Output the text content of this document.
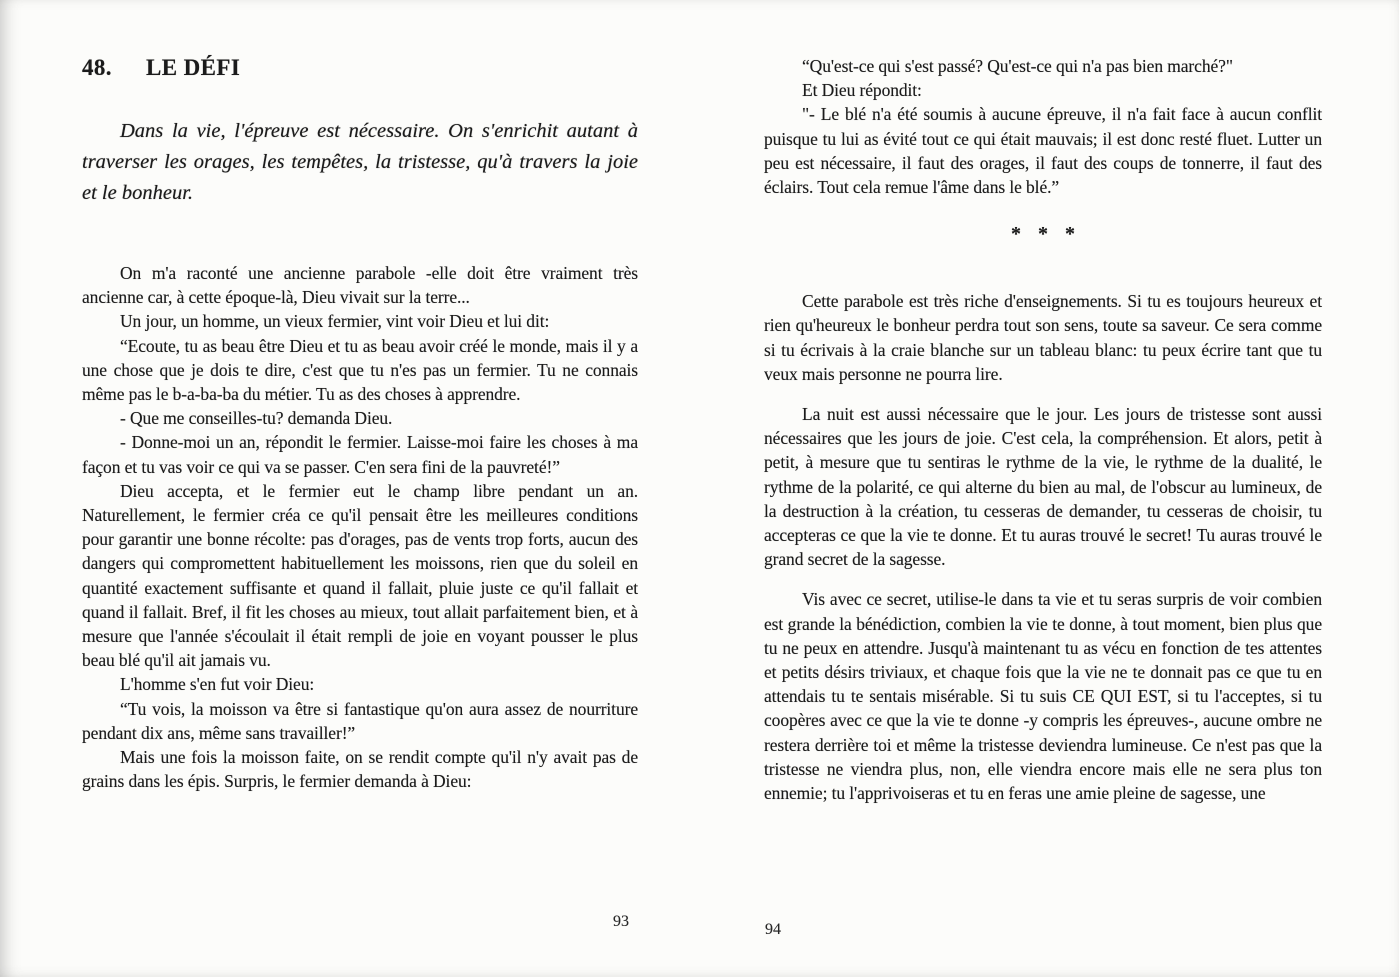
48. LE DÉFI

Dans la vie, l'épreuve est nécessaire. On s'enrichit autant à traverser les orages, les tempêtes, la tristesse, qu'à travers la joie et le bonheur.

On m'a raconté une ancienne parabole -elle doit être vraiment très ancienne car, à cette époque-là, Dieu vivait sur la terre...

Un jour, un homme, un vieux fermier, vint voir Dieu et lui dit:

“Ecoute, tu as beau être Dieu et tu as beau avoir créé le monde, mais il y a une chose que je dois te dire, c'est que tu n'es pas un fermier. Tu ne connais même pas le b-a-ba-ba du métier. Tu as des choses à apprendre.

- Que me conseilles-tu? demanda Dieu.

- Donne-moi un an, répondit le fermier. Laisse-moi faire les choses à ma façon et tu vas voir ce qui va se passer. C'en sera fini de la pauvreté!”

Dieu accepta, et le fermier eut le champ libre pendant un an. Naturellement, le fermier créa ce qu'il pensait être les meilleures conditions pour garantir une bonne récolte: pas d'orages, pas de vents trop forts, aucun des dangers qui compromettent habituellement les moissons, rien que du soleil en quantité exactement suffisante et quand il fallait, pluie juste ce qu'il fallait et quand il fallait. Bref, il fit les choses au mieux, tout allait parfaitement bien, et à mesure que l'année s'écoulait il était rempli de joie en voyant pousser le plus beau blé qu'il ait jamais vu.

L'homme s'en fut voir Dieu:

“Tu vois, la moisson va être si fantastique qu'on aura assez de nourriture pendant dix ans, même sans travailler!”

Mais une fois la moisson faite, on se rendit compte qu'il n'y avait pas de grains dans les épis. Surpris, le fermier demanda à Dieu:

“Qu'est-ce qui s'est passé? Qu'est-ce qui n'a pas bien marché?"

Et Dieu répondit:

"- Le blé n'a été soumis à aucune épreuve, il n'a fait face à aucun conflit puisque tu lui as évité tout ce qui était mauvais; il est donc resté fluet. Lutter un peu est nécessaire, il faut des orages, il faut des coups de tonnerre, il faut des éclairs. Tout cela remue l'âme dans le blé.”

* * *

Cette parabole est très riche d'enseignements. Si tu es toujours heureux et rien qu'heureux le bonheur perdra tout son sens, toute sa saveur. Ce sera comme si tu écrivais à la craie blanche sur un tableau blanc: tu peux écrire tant que tu veux mais personne ne pourra lire.

La nuit est aussi nécessaire que le jour. Les jours de tristesse sont aussi nécessaires que les jours de joie. C'est cela, la compréhension. Et alors, petit à petit, à mesure que tu sentiras le rythme de la vie, le rythme de la dualité, le rythme de la polarité, ce qui alterne du bien au mal, de l'obscur au lumineux, de la destruction à la création, tu cesseras de demander, tu cesseras de choisir, tu accepteras ce que la vie te donne. Et tu auras trouvé le secret! Tu auras trouvé le grand secret de la sagesse.

Vis avec ce secret, utilise-le dans ta vie et tu seras surpris de voir combien est grande la bénédiction, combien la vie te donne, à tout moment, bien plus que tu ne peux en attendre. Jusqu'à maintenant tu as vécu en fonction de tes attentes et petits désirs triviaux, et chaque fois que la vie ne te donnait pas ce que tu en attendais tu te sentais misérable. Si tu suis CE QUI EST, si tu l'acceptes, si tu coopères avec ce que la vie te donne -y compris les épreuves-, aucune ombre ne restera derrière toi et même la tristesse deviendra lumineuse. Ce n'est pas que la tristesse ne viendra plus, non, elle viendra encore mais elle ne sera plus ton ennemie; tu l'apprivoiseras et tu en feras une amie pleine de sagesse, une

93	94
